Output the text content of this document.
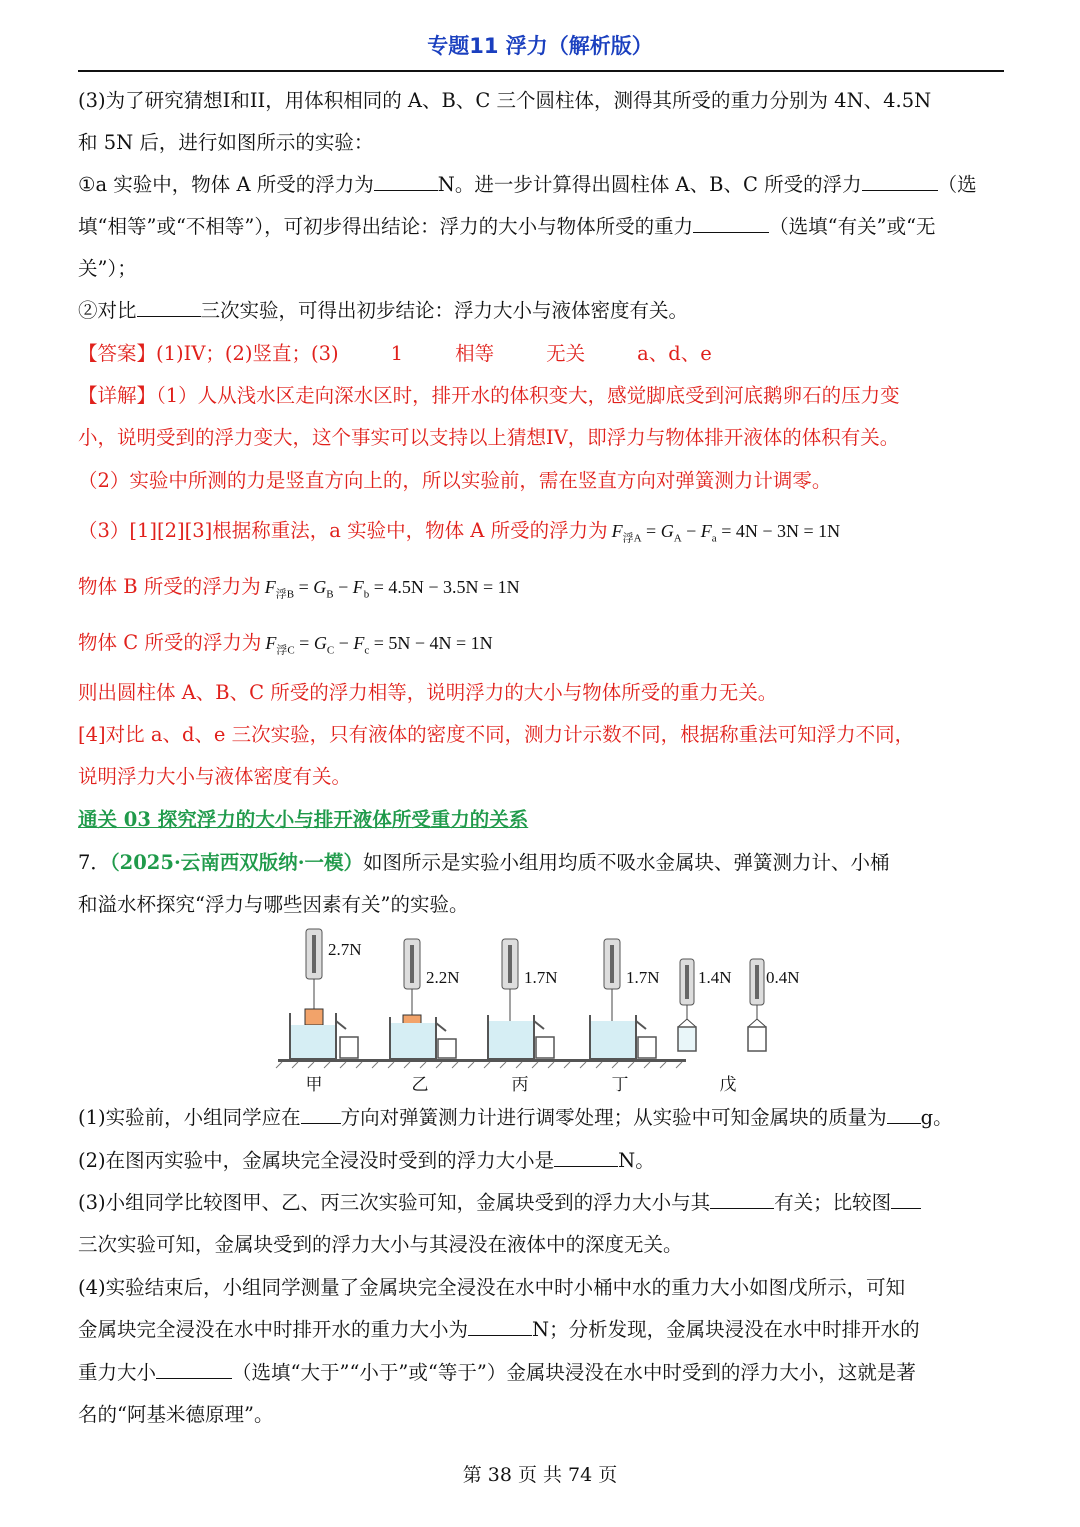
专题11 浮力（解析版）
(3)为了研究猜想I和II，用体积相同的 A、B、C 三个圆柱体，测得其所受的重力分别为 4N、4.5N
和 5N 后，进行如图所示的实验：
①a 实验中，物体 A 所受的浮力为	N。进一步计算得出圆柱体 A、B、C 所受的浮力	（选
填“相等”或“不相等”），可初步得出结论：浮力的大小与物体所受的重力	（选填“有关”或“无
关”）；
②对比	三次实验，可得出初步结论：浮力大小与液体密度有关。
【答案】(1)IV；(2)竖直；(3)	1	相等	无关	a、d、e
【详解】（1）人从浅水区走向深水区时，排开水的体积变大，感觉脚底受到河底鹅卵石的压力变
小，说明受到的浮力变大，这个事实可以支持以上猜想IV，即浮力与物体排开液体的体积有关。
（2）实验中所测的力是竖直方向上的，所以实验前，需在竖直方向对弹簧测力计调零。
（3）[1][2][3]根据称重法，a 实验中，物体 A 所受的浮力为 $F_{浮A} = G_A - F_a = 4N - 3N = 1N$
物体 B 所受的浮力为 $F_{浮B} = G_B - F_b = 4.5N - 3.5N = 1N$
物体 C 所受的浮力为 $F_{浮C} = G_C - F_c = 5N - 4N = 1N$
则出圆柱体 A、B、C 所受的浮力相等，说明浮力的大小与物体所受的重力无关。
[4]对比 a、d、e 三次实验，只有液体的密度不同，测力计示数不同，根据称重法可知浮力不同，
说明浮力大小与液体密度有关。
通关 03 探究浮力的大小与排开液体所受重力的关系
7．（2025·云南西双版纳·一模）如图所示是实验小组用均质不吸水金属块、弹簧测力计、小桶
和溢水杯探究“浮力与哪些因素有关”的实验。
2.7N
甲
2.2N
乙
1.7N
丙
1.7N
丁
1.4N 0.4N
戊
(1)实验前，小组同学应在 方向对弹簧测力计进行调零处理；从实验中可知金属块的质量为 g。
(2)在图丙实验中，金属块完全浸没时受到的浮力大小是	N。
(3)小组同学比较图甲、乙、丙三次实验可知，金属块受到的浮力大小与其	有关；比较图
三次实验可知，金属块受到的浮力大小与其浸没在液体中的深度无关。
(4)实验结束后，小组同学测量了金属块完全浸没在水中时小桶中水的重力大小如图戊所示，可知
金属块完全浸没在水中时排开水的重力大小为	N；分析发现，金属块浸没在水中时排开水的
重力大小	（选填“大于”“小于”或“等于”）金属块浸没在水中时受到的浮力大小，这就是著
名的“阿基米德原理”。
第 38 页 共 74 页
